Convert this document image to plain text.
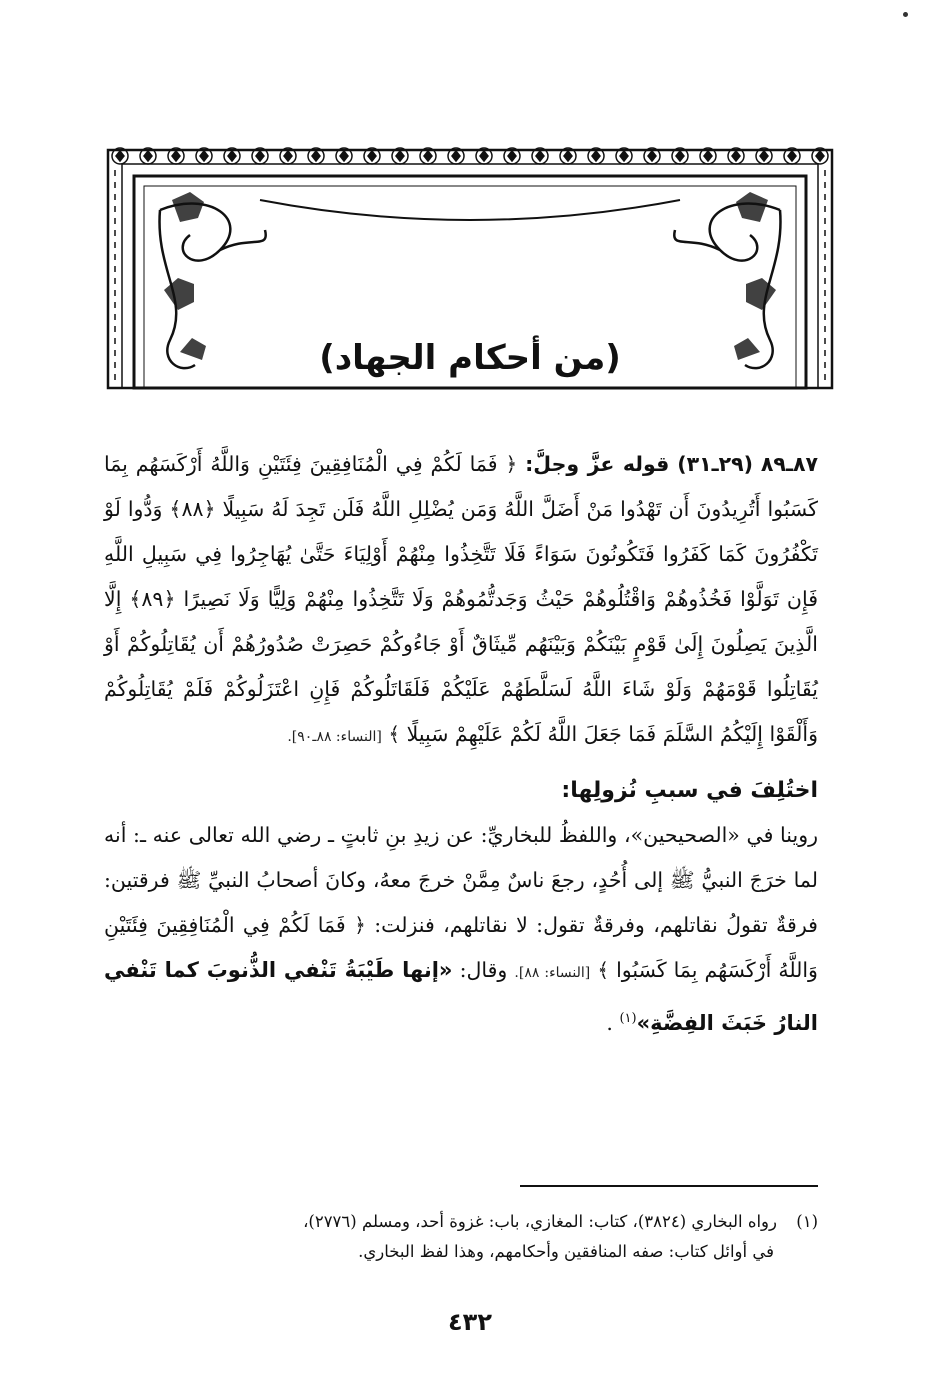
(من أحكام الجهاد)

٨٧ـ٨٩ (٢٩ـ٣١) قوله عزَّ وجلَّ: ﴿ فَمَا لَكُمْ فِي الْمُنَافِقِينَ فِئَتَيْنِ وَاللَّهُ أَرْكَسَهُم بِمَا كَسَبُوا أَتُرِيدُونَ أَن تَهْدُوا مَنْ أَضَلَّ اللَّهُ وَمَن يُضْلِلِ اللَّهُ فَلَن تَجِدَ لَهُ سَبِيلًا ﴿٨٨﴾ وَدُّوا لَوْ تَكْفُرُونَ كَمَا كَفَرُوا فَتَكُونُونَ سَوَاءً فَلَا تَتَّخِذُوا مِنْهُمْ أَوْلِيَاءَ حَتَّىٰ يُهَاجِرُوا فِي سَبِيلِ اللَّهِ فَإِن تَوَلَّوْا فَخُذُوهُمْ وَاقْتُلُوهُمْ حَيْثُ وَجَدتُّمُوهُمْ وَلَا تَتَّخِذُوا مِنْهُمْ وَلِيًّا وَلَا نَصِيرًا ﴿٨٩﴾ إِلَّا الَّذِينَ يَصِلُونَ إِلَىٰ قَوْمٍ بَيْنَكُمْ وَبَيْنَهُم مِّيثَاقٌ أَوْ جَاءُوكُمْ حَصِرَتْ صُدُورُهُمْ أَن يُقَاتِلُوكُمْ أَوْ يُقَاتِلُوا قَوْمَهُمْ وَلَوْ شَاءَ اللَّهُ لَسَلَّطَهُمْ عَلَيْكُمْ فَلَقَاتَلُوكُمْ فَإِنِ اعْتَزَلُوكُمْ فَلَمْ يُقَاتِلُوكُمْ وَأَلْقَوْا إِلَيْكُمُ السَّلَمَ فَمَا جَعَلَ اللَّهُ لَكُمْ عَلَيْهِمْ سَبِيلًا ﴾ [النساء: ٨٨ـ٩٠].

اختُلِفَ في سببِ نُزولِها:

روينا في «الصحيحين»، واللفظُ للبخاريِّ: عن زيدِ بنِ ثابتٍ ـ رضي الله تعالى عنه ـ: أنه لما خرَجَ النبيُّ ﷺ إلى أُحُدٍ، رجعَ ناسٌ مِمَّنْ خرجَ معهُ، وكانَ أصحابُ النبيِّ ﷺ فرقتين: فرقةٌ تقولُ نقاتلهم، وفرقةٌ تقول: لا نقاتلهم، فنزلت: ﴿ فَمَا لَكُمْ فِي الْمُنَافِقِينَ فِئَتَيْنِ وَاللَّهُ أَرْكَسَهُم بِمَا كَسَبُوا ﴾ [النساء: ٨٨]. وقال: «إنها طَيْبَةُ تَنْفي الذُّنوبَ كما تَنْفي النارُ خَبَثَ الفِضَّةِ»$^{(١)}$ .

(١) رواه البخاري (٣٨٢٤)، كتاب: المغازي، باب: غزوة أحد، ومسلم (٢٧٧٦)،
في أوائل كتاب: صفه المنافقين وأحكامهم، وهذا لفظ البخاري.
٤٣٢
